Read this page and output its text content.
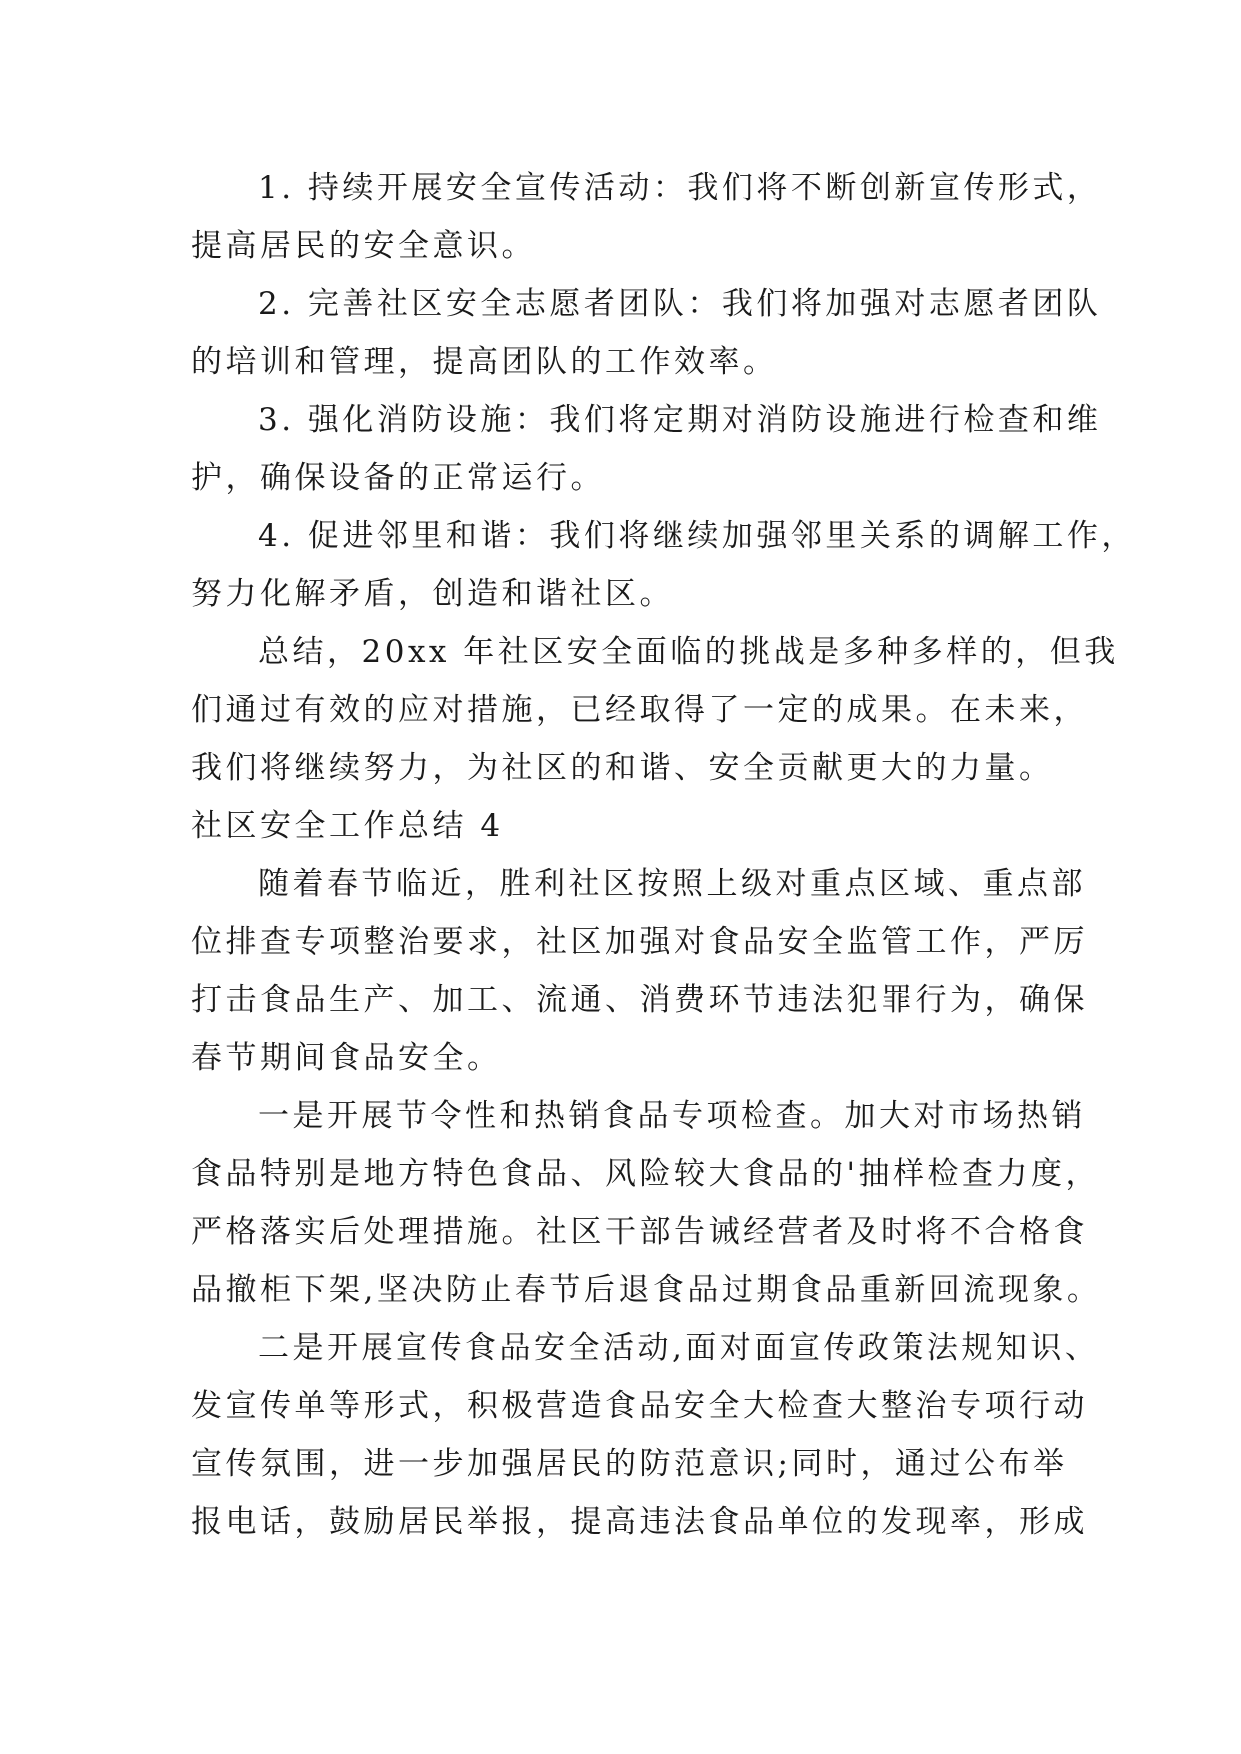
1. 持续开展安全宣传活动：我们将不断创新宣传形式，
提高居民的安全意识。
2. 完善社区安全志愿者团队：我们将加强对志愿者团队
的培训和管理，提高团队的工作效率。
3. 强化消防设施：我们将定期对消防设施进行检查和维
护，确保设备的正常运行。
4. 促进邻里和谐：我们将继续加强邻里关系的调解工作，
努力化解矛盾，创造和谐社区。
总结，20xx 年社区安全面临的挑战是多种多样的，但我
们通过有效的应对措施，已经取得了一定的成果。在未来，
我们将继续努力，为社区的和谐、安全贡献更大的力量。
社区安全工作总结 4
随着春节临近，胜利社区按照上级对重点区域、重点部
位排查专项整治要求，社区加强对食品安全监管工作，严厉
打击食品生产、加工、流通、消费环节违法犯罪行为，确保
春节期间食品安全。
一是开展节令性和热销食品专项检查。加大对市场热销
食品特别是地方特色食品、风险较大食品的'抽样检查力度，
严格落实后处理措施。社区干部告诫经营者及时将不合格食
品撤柜下架,坚决防止春节后退食品过期食品重新回流现象。
二是开展宣传食品安全活动,面对面宣传政策法规知识、
发宣传单等形式，积极营造食品安全大检查大整治专项行动
宣传氛围，进一步加强居民的防范意识;同时，通过公布举
报电话，鼓励居民举报，提高违法食品单位的发现率，形成
